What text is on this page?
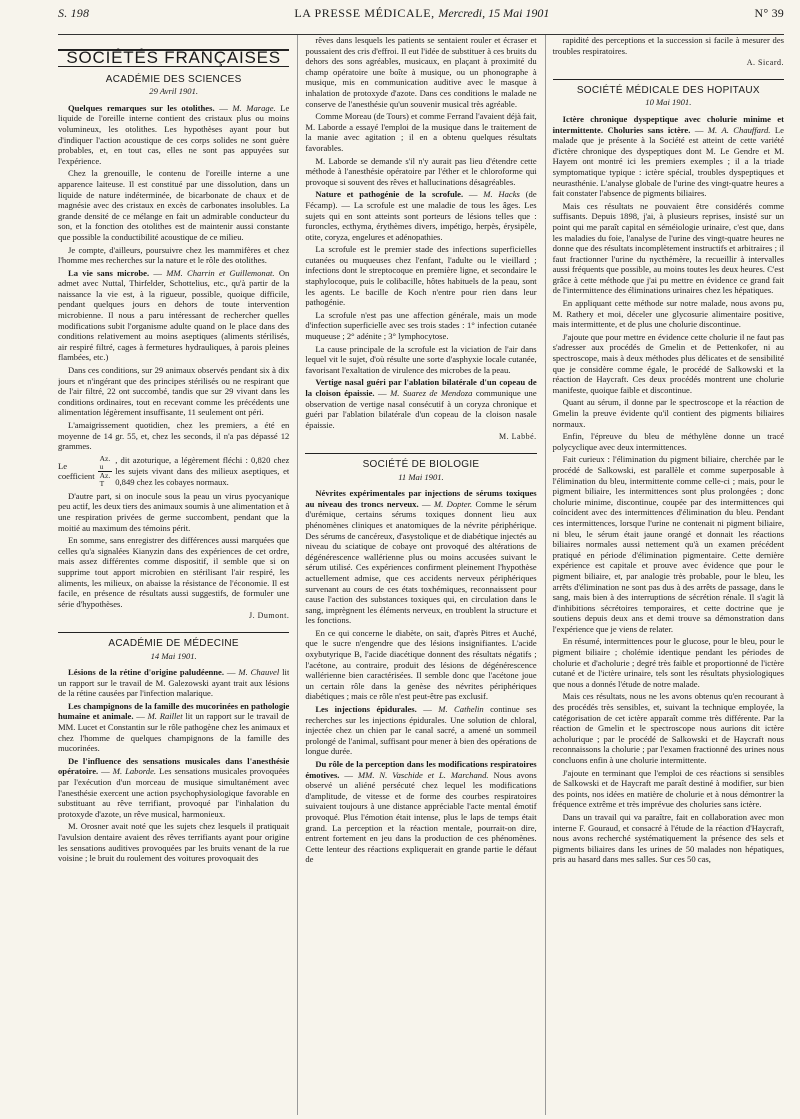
S. 198	LA PRESSE MÉDICALE, Mercredi, 15 Mai 1901	N° 39
SOCIÉTÉS FRANÇAISES
ACADÉMIE DES SCIENCES

29 Avril 1901.

Quelques remarques sur les otolithes. — M. Marage. Le liquide de l'oreille interne contient des cristaux plus ou moins volumineux, les otolithes. Les hypothèses ayant pour but d'indiquer l'action acoustique de ces corps solides ne sont guère probables, et, en tout cas, elles ne sont pas appuyées sur l'expérience.

Chez la grenouille, le contenu de l'oreille interne a une apparence laiteuse. Il est constitué par une dissolution, dans un liquide de nature indéterminée, de bicarbonate de chaux et de magnésie avec des cristaux en excès de carbonates insolubles. La grande densité de ce mélange en fait un admirable conducteur du son, et la fonction des otolithes est de maintenir aussi constante que possible la conductibilité acoustique de ce milieu.

Je compte, d'ailleurs, poursuivre chez les mammifères et chez l'homme mes recherches sur la nature et le rôle des otolithes.

La vie sans microbe. — MM. Charrin et Guillemonat. On admet avec Nuttal, Thirfelder, Schottelius, etc., qu'à partir de la naissance la vie est, à la rigueur, possible, quoique difficile, pendant quelques jours en dehors de toute intervention microbienne. Il nous a paru intéressant de rechercher quelles modifications subit l'organisme adulte quand on le place dans des conditions relativement au moins aseptiques (aliments stérilisés, air respiré filtré, cages à fermetures hydrauliques, à parois pleines flambées, etc.)

Dans ces conditions, sur 29 animaux observés pendant six à dix jours et n'ingérant que des principes stérilisés ou ne respirant que de l'air filtré, 22 ont succombé, tandis que sur 29 vivant dans les conditions ordinaires, tout en recevant comme les précédents une alimentation légèrement insuffisante, 11 seulement ont péri.

L'amaigrissement quotidien, chez les premiers, a été en moyenne de 14 gr. 55, et, chez les seconds, il n'a pas dépassé 12 grammes.

Le coefficient $\frac{Az. u}{Az. T}$ , dit azoturique, a légèrement fléchi : 0,820 chez les sujets vivant dans des milieux aseptiques, et 0,849 chez les cobayes normaux.

D'autre part, si on inocule sous la peau un virus pyocyanique peu actif, les deux tiers des animaux soumis à une alimentation et à une respiration privées de germe succombent, pendant que la moitié au maximum des témoins périt.

En somme, sans enregistrer des différences aussi marquées que celles qu'a signalées Kianyzin dans des expériences de cet ordre, mais assez différentes comme dispositif, il semble que si on supprime tout apport microbien en stérilisant l'air respiré, les aliments, les milieux, on abaisse la résistance de l'économie. Il est facile, en présence de résultats aussi suggestifs, de formuler une série d'hypothèses.

J. Dumont.

ACADÉMIE DE MÉDECINE

14 Mai 1901.

Lésions de la rétine d'origine paludéenne. — M. Chauvel lit un rapport sur le travail de M. Galezowski ayant trait aux lésions de la rétine causées par l'infection malarique.

Les champignons de la famille des mucorinées en pathologie humaine et animale. — M. Raillet lit un rapport sur le travail de MM. Lucet et Constantin sur le rôle pathogène chez les animaux et chez l'homme de quelques champignons de la famille des mucorinées.

De l'influence des sensations musicales dans l'anesthésie opératoire. — M. Laborde. Les sensations musicales provoquées par l'exécution d'un morceau de musique simultanément avec l'anesthésie exercent une action psychophysiologique favorable en substituant au rêve terrifiant, provoqué par l'inhalation du protoxyde d'azote, un rêve musical, harmonieux.

M. Orosner avait noté que les sujets chez lesquels il pratiquait l'avulsion dentaire avaient des rêves terrifiants ayant pour origine les sensations auditives provoquées par les bruits venant de la rue voisine ; le bruit du roulement des voitures provoquait des

rêves dans lesquels les patients se sentaient rouler et écraser et poussaient des cris d'effroi. Il eut l'idée de substituer à ces bruits du dehors des sons agréables, musicaux, en plaçant à proximité du champ opératoire une boîte à musique, ou un phonographe à musique, mis en communication auditive avec le masque à inhalation de protoxyde d'azote. Dans ces conditions le malade ne conserve de l'anesthésie qu'un souvenir musical très agréable.

Comme Moreau (de Tours) et comme Ferrand l'avaient déjà fait, M. Laborde a essayé l'emploi de la musique dans le traitement de la manie avec agitation ; il en a obtenu quelques résultats favorables.

M. Laborde se demande s'il n'y aurait pas lieu d'étendre cette méthode à l'anesthésie opératoire par l'éther et le chloroforme qui provoque si souvent des rêves et hallucinations désagréables.

Nature et pathogénie de la scrofule. — M. Hacks (de Fécamp). — La scrofule est une maladie de tous les âges. Les sujets qui en sont atteints sont porteurs de lésions telles que : furoncles, ecthyma, érythèmes divers, impétigo, herpès, érysipèle, otite, coryza, engelures et adénopathies.

La scrofule est le premier stade des infections superficielles cutanées ou muqueuses chez l'enfant, l'adulte ou le vieillard ; infections dont le streptocoque en première ligne, et secondaire le staphylocoque, puis le colibacille, hôtes habituels de la peau, sont les agents. Le bacille de Koch n'entre pour rien dans leur pathogénie.

La scrofule n'est pas une affection générale, mais un mode d'infection superficielle avec ses trois stades : 1° infection cutanée muqueuse ; 2° adénite ; 3° lymphocytose.

La cause principale de la scrofule est la viciation de l'air dans lequel vit le sujet, d'où résulte une sorte d'asphyxie locale cutanée, favorisant l'exaltation de virulence des microbes de la peau.

Vertige nasal guéri par l'ablation bilatérale d'un copeau de la cloison épaissie. — M. Suarez de Mendoza communique une observation de vertige nasal consécutif à un coryza chronique et guéri par l'ablation bilatérale d'un copeau de la cloison nasale épaissie.

M. Labbé.

SOCIÉTÉ DE BIOLOGIE

11 Mai 1901.

Névrites expérimentales par injections de sérums toxiques au niveau des troncs nerveux. — M. Dopter. Comme le sérum d'urémique, certains sérums toxiques donnent lieu aux phénomènes cliniques et anatomiques de la névrite périphérique. Des sérums de cancéreux, d'asystolique et de diabétique injectés au niveau du sciatique de cobaye ont provoqué des altérations de dégénérescence wallérienne plus ou moins accusées suivant le sérum utilisé. Ces expériences confirment pleinement l'hypothèse actuellement admise, que ces accidents nerveux périphériques survenant au cours de ces états toxhémiques, reconnaissent pour cause l'action des substances toxiques qui, en circulation dans le sang, imprègnent les éléments nerveux, en troublent la structure et les fonctions.

En ce qui concerne le diabète, on sait, d'après Pitres et Auché, que le sucre n'engendre que des lésions insignifiantes. L'acide oxybutyrique B, l'acide diacétique donnent des résultats négatifs ; l'acétone, au contraire, produit des lésions de dégénérescence wallérienne bien caractérisées. Il semble donc que l'acétone joue un certain rôle dans la genèse des névrites périphériques diabétiques ; mais ce rôle n'est peut-être pas exclusif.

Les injections épidurales. — M. Cathelin continue ses recherches sur les injections épidurales. Une solution de chloral, injectée chez un chien par le canal sacré, a amené un sommeil prolongé de l'animal, suffisant pour mener à bien des opérations de longue durée.

Du rôle de la perception dans les modifications respiratoires émotives. — MM. N. Vaschide et L. Marchand. Nous avons observé un aliéné persécuté chez lequel les modifications d'amplitude, de vitesse et de forme des courbes respiratoires suivaient toujours à une distance appréciable l'acte mental émotif provoqué. Plus l'émotion était intense, plus le laps de temps était grand. La perception et la réaction mentale, pourrait-on dire, entrent fortement en jeu dans la production de ces phénomènes. Cette lenteur des réactions expliquerait en grande partie le défaut de

rapidité des perceptions et la succession si facile à mesurer des troubles respiratoires.

A. Sicard.

SOCIÉTÉ MÉDICALE DES HOPITAUX

10 Mai 1901.

Ictère chronique dyspeptique avec cholurie minime et intermittente. Choluries sans ictère. — M. A. Chauffard. Le malade que je présente à la Société est atteint de cette variété d'ictère chronique des dyspeptiques dont M. Le Gendre et M. Hayem ont montré ici les premiers exemples ; il a la triade symptomatique typique : ictère spécial, troubles dyspeptiques et neurasthénie. L'analyse globale de l'urine des vingt-quatre heures a fait constater l'absence de pigments biliaires.

Mais ces résultats ne pouvaient être considérés comme suffisants. Depuis 1898, j'ai, à plusieurs reprises, insisté sur un point qui me paraît capital en séméiologie urinaire, c'est que, dans les maladies du foie, l'analyse de l'urine des vingt-quatre heures ne donne que des résultats incomplètement instructifs et arbitraires ; il faut fractionner l'urine du nycthémère, la recueillir à intervalles aussi fréquents que possible, au moins toutes les deux heures. C'est grâce à cette méthode que j'ai pu mettre en évidence ce grand fait de l'intermittence des éliminations urinaires chez les hépatiques.

En appliquant cette méthode sur notre malade, nous avons pu, M. Rathery et moi, déceler une glycosurie alimentaire positive, mais intermittente, et de plus une cholurie discontinue.

J'ajoute que pour mettre en évidence cette cholurie il ne faut pas s'adresser aux procédés de Gmelin et de Pettenkofer, ni au spectroscope, mais à deux méthodes plus délicates et de sensibilité que je considère comme égale, le procédé de Salkowski et la réaction de Haycraft. Ces deux procédés montrent une cholurie manifeste, quoique faible et discontinue.

Quant au sérum, il donne par le spectroscope et la réaction de Gmelin la preuve évidente qu'il contient des pigments biliaires normaux.

Enfin, l'épreuve du bleu de méthylène donne un tracé polycyclique avec deux intermittences.

Fait curieux : l'élimination du pigment biliaire, cherchée par le procédé de Salkowski, est parallèle et comme superposable à l'élimination du bleu, intermittente comme celle-ci ; mais, pour le pigment biliaire, les intermittences sont plus prolongées ; donc cholurie minime, discontinue, coupée par des intermittences qui coïncident avec des intermittences d'élimination du bleu. Pendant ces intermittences, lorsque l'urine ne contenait ni pigment biliaire, ni bleu, le sérum était jaune orangé et donnait les réactions biliaires normales aussi nettement qu'à un examen précédent pratiqué en période d'élimination pigmentaire. Cette dernière expérience est capitale et prouve avec évidence que pour le pigment biliaire, et, par analogie très probable, pour le bleu, les arrêts d'élimination ne sont pas dus à des arrêts de passage, dans le sang, mais bien à des interruptions de sécrétion rénale. Il s'agit là d'inhibitions sécrétoires temporaires, et cette doctrine que je soutiens depuis deux ans et demi trouve sa démonstration dans l'expérience que je viens de relater.

En résumé, intermittences pour le glucose, pour le bleu, pour le pigment biliaire ; cholémie identique pendant les périodes de cholurie et d'acholurie ; degré très faible et proportionné de l'ictère cutané et de l'ictère urinaire, tels sont les résultats physiologiques que nous a donnés l'étude de notre malade.

Mais ces résultats, nous ne les avons obtenus qu'en recourant à des procédés très sensibles, et, suivant la technique employée, la catégorisation de cet ictère apparaît comme très différente. Par la réaction de Gmelin et le spectroscope nous aurions dit ictère acholurique ; par le procédé de Salkowski et de Haycraft nous reconnaissons la cholurie ; par l'examen fractionné des urines nous concluons enfin à une cholurie intermittente.

J'ajoute en terminant que l'emploi de ces réactions si sensibles de Salkowski et de Haycraft me paraît destiné à modifier, sur bien des points, nos idées en matière de cholurie et à nous démontrer la fréquence extrême et très imprévue des choluries sans ictère.

Dans un travail qui va paraître, fait en collaboration avec mon interne F. Gouraud, et consacré à l'étude de la réaction d'Haycraft, nous avons recherché systématiquement la présence des sels et pigments biliaires dans les urines de 50 malades non hépatiques, pris au hasard dans mes salles. Sur ces 50 cas,
